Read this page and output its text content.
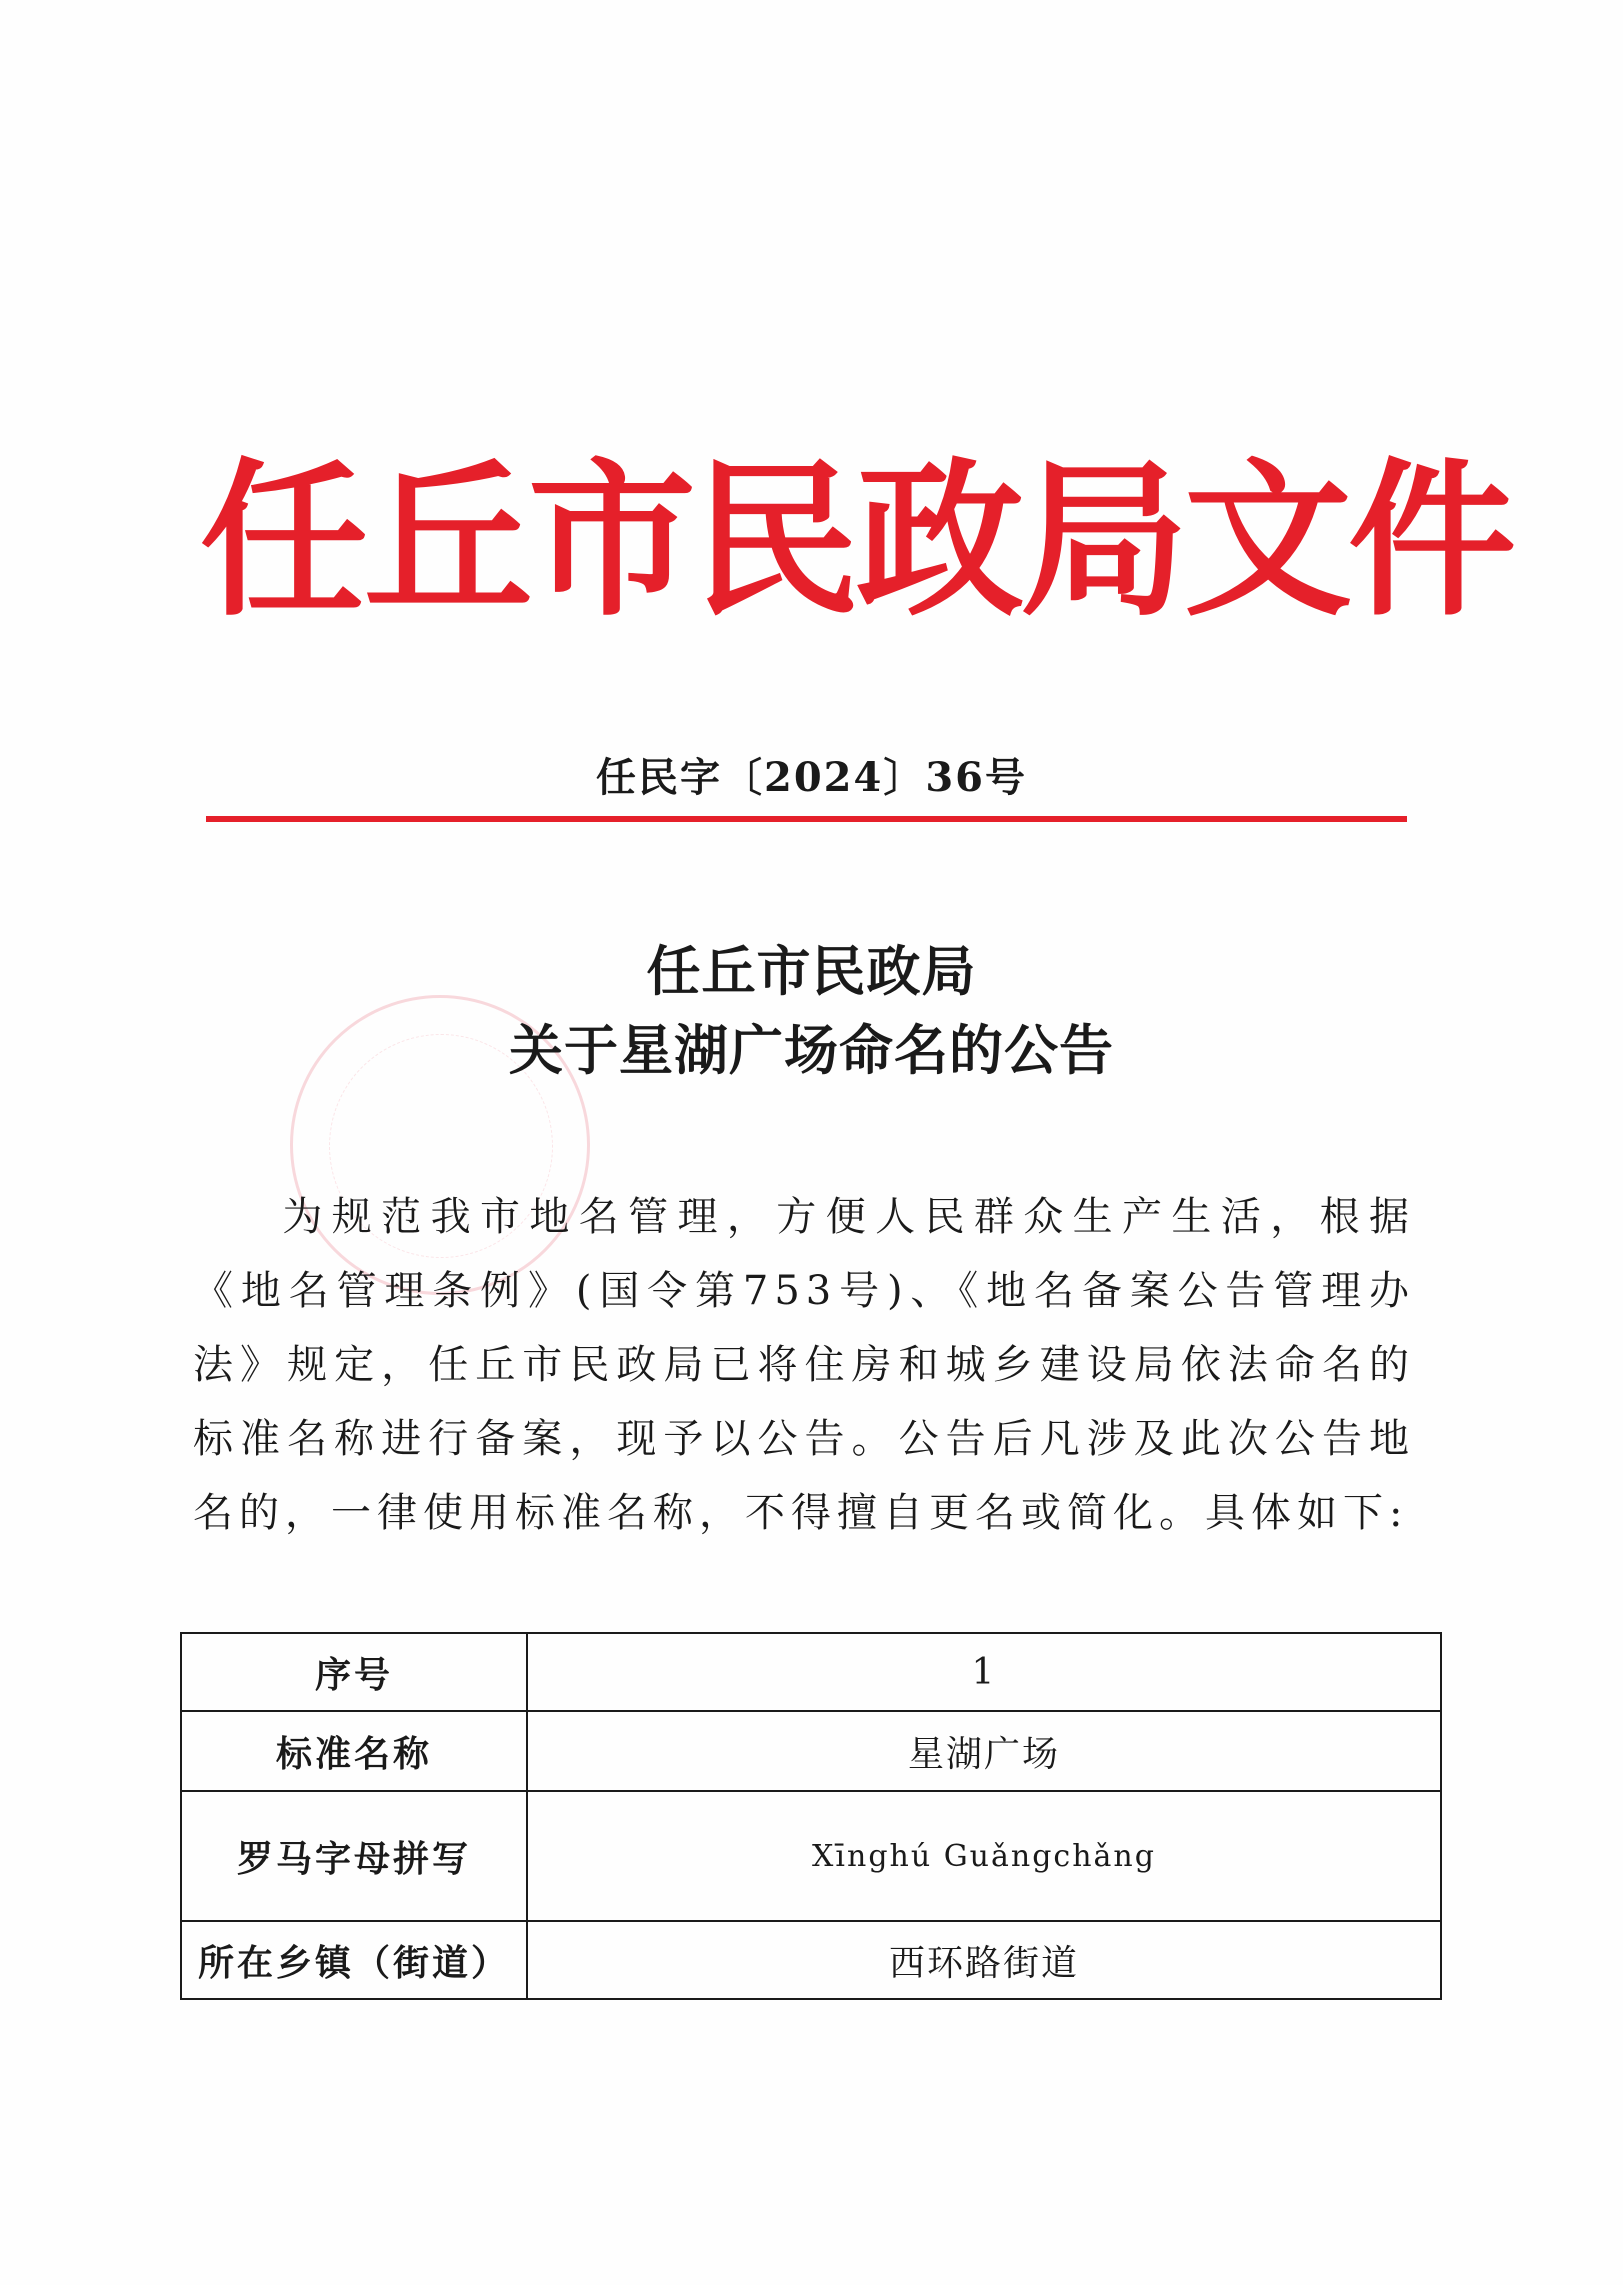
任丘市民政局文件
任民字〔2024〕36号
任丘市民政局
关于星湖广场命名的公告
为规范我市地名管理，方便人民群众生产生活，根据《地名管理条例》(国令第753号)、《地名备案公告管理办法》规定，任丘市民政局已将住房和城乡建设局依法命名的标准名称进行备案，现予以公告。公告后凡涉及此次公告地名的，一律使用标准名称，不得擅自更名或简化。具体如下:
序号	1
标准名称	星湖广场
罗马字母拼写	Xīnghú Guǎngchǎng
所在乡镇（街道）	西环路街道
